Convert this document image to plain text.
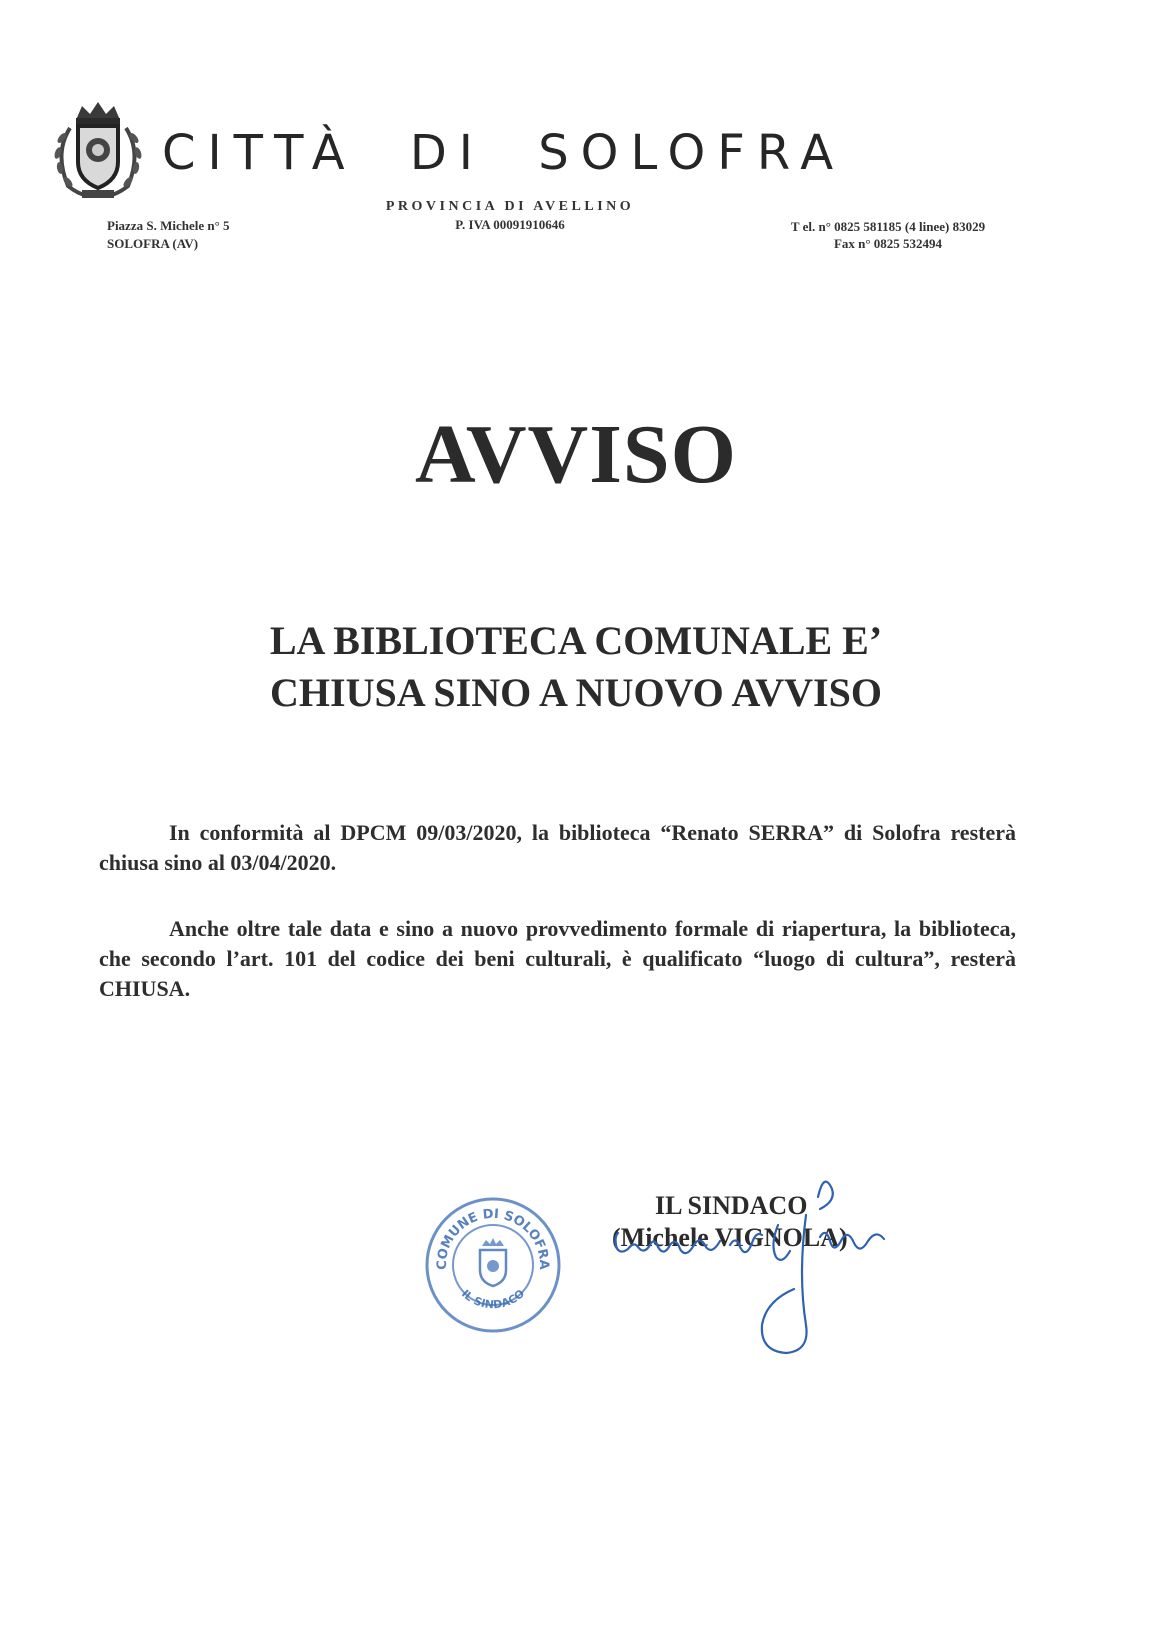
CITTÀ DI SOLOFRA
Piazza S. Michele n° 5
SOLOFRA (AV)
PROVINCIA DI AVELLINO
P. IVA 00091910646	T el. n° 0825 581185 (4 linee) 83029
Fax n° 0825 532494
AVVISO
LA BIBLIOTECA COMUNALE E’
CHIUSA SINO A NUOVO AVVISO
In conformità al DPCM 09/03/2020, la biblioteca “Renato SERRA” di Solofra resterà chiusa sino al 03/04/2020.
Anche oltre tale data e sino a nuovo provvedimento formale di riapertura, la biblioteca, che secondo l’art. 101 del codice dei beni culturali, è qualificato “luogo di cultura”, resterà CHIUSA.
COMUNE DI SOLOFRA
IL SINDACO
IL SINDACO
(Michele VIGNOLA)
